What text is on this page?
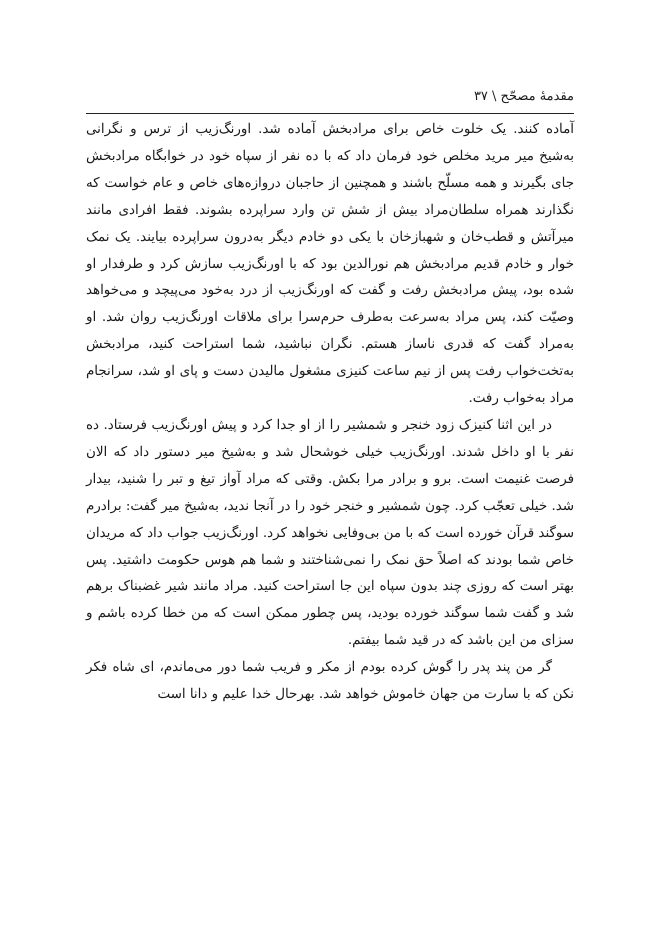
مقدمهٔ مصحّح \ ۳۷

آماده کنند. یک خلوت خاص برای مرادبخش آماده شد. اورنگ‌زیب از ترس و نگرانی به‌شیخ میر مرید مخلص خود فرمان داد که با ده نفر از سپاه خود در خوابگاه مرادبخش جای بگیرند و همه مسلّح باشند و همچنین از حاجبان دروازه‌های خاص و عام خواست که نگذارند همراه سلطان‌مراد بیش از شش تن وارد سراپرده بشوند. فقط افرادی مانند میرآتش و قطب‌خان و شهبازخان با یکی دو خادم دیگر به‌درون سراپرده بیایند. یک نمک خوار و خادم قدیم مرادبخش هم نورالدین بود که با اورنگ‌زیب سازش کرد و طرفدار او شده بود، پیش مرادبخش رفت و گفت که اورنگ‌زیب از درد به‌خود می‌پیچد و می‌خواهد وصیّت کند، پس مراد به‌سرعت به‌طرف حرم‌سرا برای ملاقات اورنگ‌زیب روان شد. او به‌مراد گفت که قدری ناساز هستم. نگران نباشید، شما استراحت کنید، مرادبخش به‌تخت‌خواب رفت پس از نیم ساعت کنیزی مشغول مالیدن دست و پای او شد، سرانجام مراد به‌خواب رفت.

در این اثنا کنیزک زود خنجر و شمشیر را از او جدا کرد و پیش اورنگ‌زیب فرستاد. ده نفر با او داخل شدند. اورنگ‌زیب خیلی خوشحال شد و به‌شیخ میر دستور داد که الان فرصت غنیمت است. برو و برادر مرا بکش. وقتی که مراد آواز تیغ و تبر را شنید، بیدار شد. خیلی تعجّب کرد. چون شمشیر و خنجر خود را در آنجا ندید، به‌شیخ میر گفت: برادرم سوگند قرآن خورده است که با من بی‌وفایی نخواهد کرد. اورنگ‌زیب جواب داد که مریدان خاص شما بودند که اصلاً حق نمک را نمی‌شناختند و شما هم هوس حکومت داشتید. پس بهتر است که روزی چند بدون سپاه این جا استراحت کنید. مراد مانند شیر غضبناک برهم شد و گفت شما سوگند خورده بودید، پس چطور ممکن است که من خطا کرده باشم و سزای من این باشد که در قید شما بیفتم.

گر من پند پدر را گوش کرده بودم از مکر و فریب شما دور می‌ماندم، ای شاه فکر نکن که با سارت من جهان خاموش خواهد شد. بهرحال خدا علیم و دانا است
